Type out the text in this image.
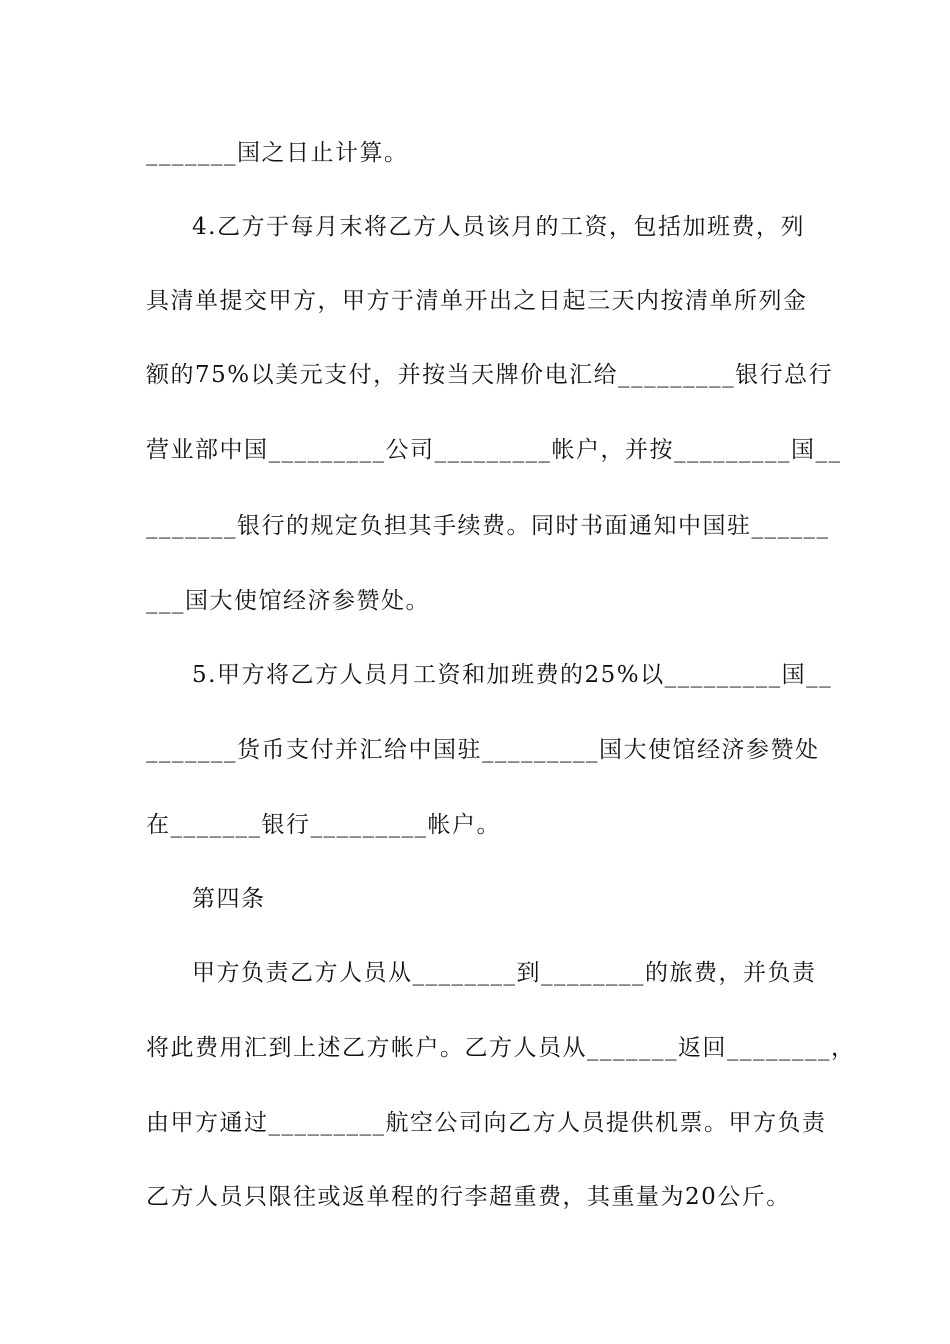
_______国之日止计算。
4.乙方于每月末将乙方人员该月的工资，包括加班费，列
具清单提交甲方，甲方于清单开出之日起三天内按清单所列金
额的75%以美元支付，并按当天牌价电汇给_________银行总行
营业部中国_________公司_________帐户，并按_________国__
_______银行的规定负担其手续费。同时书面通知中国驻______
___国大使馆经济参赞处。
5.甲方将乙方人员月工资和加班费的25%以_________国__
_______货币支付并汇给中国驻_________国大使馆经济参赞处
在_______银行_________帐户。
第四条
甲方负责乙方人员从________到________的旅费，并负责
将此费用汇到上述乙方帐户。乙方人员从_______返回________，
由甲方通过_________航空公司向乙方人员提供机票。甲方负责
乙方人员只限往或返单程的行李超重费，其重量为20公斤。
